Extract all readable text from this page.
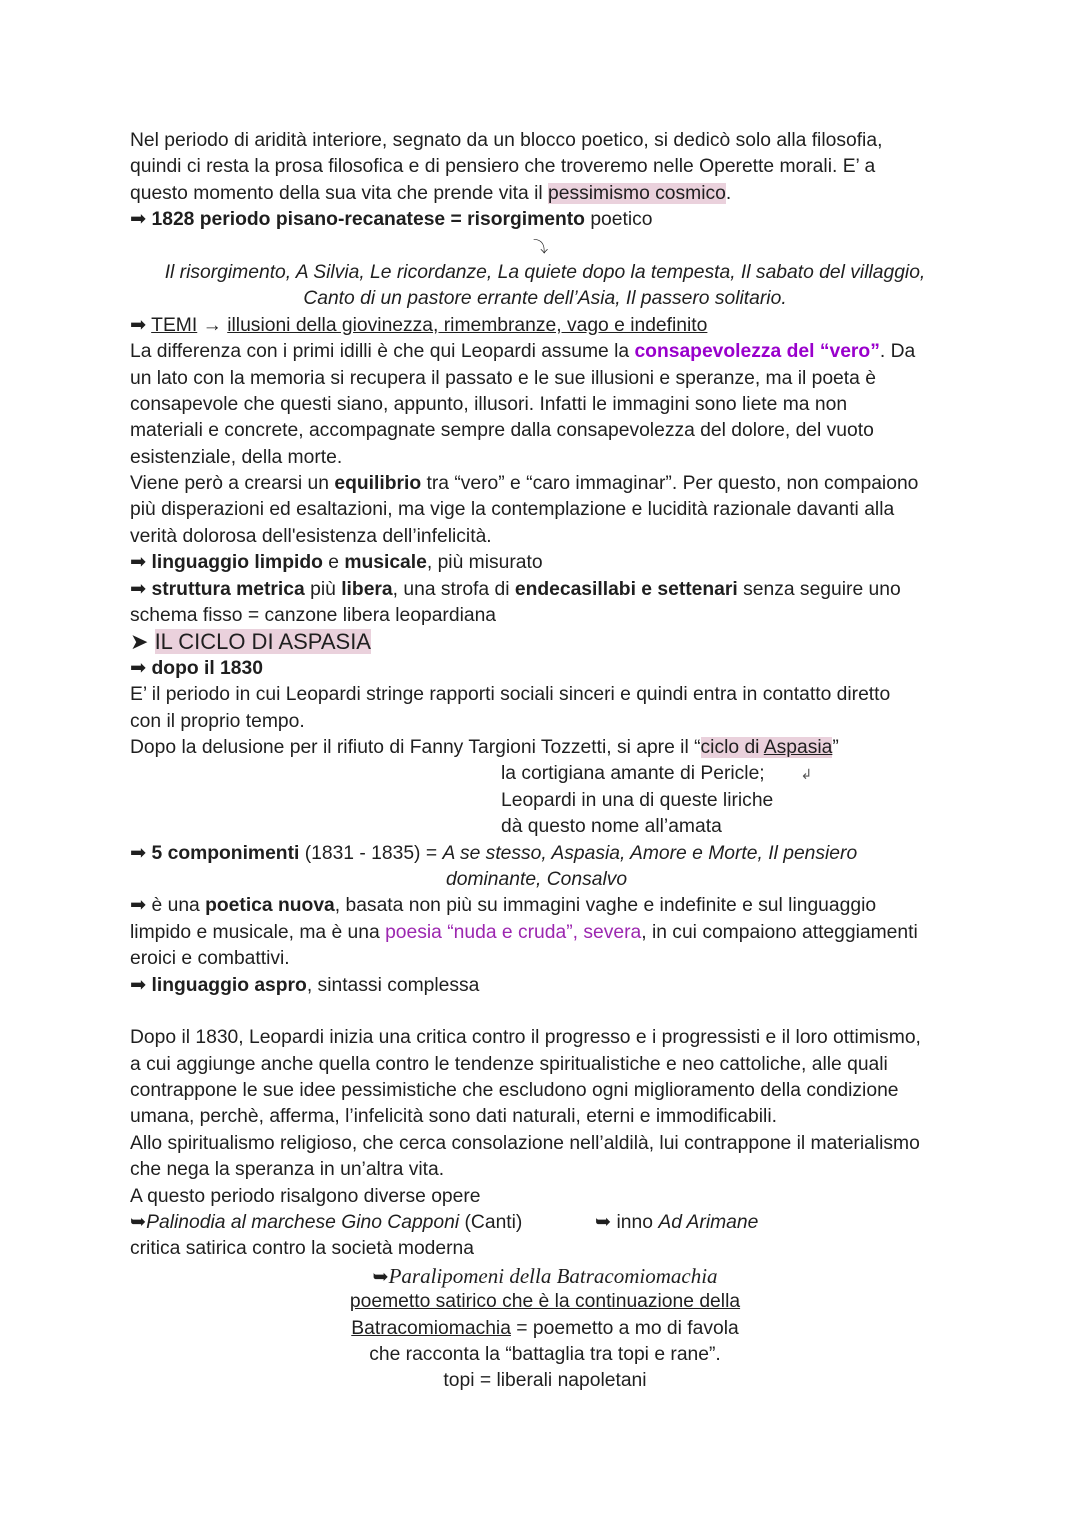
Nel periodo di aridità interiore, segnato da un blocco poetico, si dedicò solo alla filosofia,
quindi ci resta la prosa filosofica e di pensiero che troveremo nelle Operette morali. E’ a
questo momento della sua vita che prende vita il pessimismo cosmico.
➡ 1828 periodo pisano-recanatese = risorgimento poetico
⤵
Il risorgimento, A Silvia, Le ricordanze, La quiete dopo la tempesta, Il sabato del villaggio,
Canto di un pastore errante dell’Asia, Il passero solitario.
➡ TEMI → illusioni della giovinezza, rimembranze, vago e indefinito
La differenza con i primi idilli è che qui Leopardi assume la consapevolezza del “vero”. Da
un lato con la memoria si recupera il passato e le sue illusioni e speranze, ma il poeta è
consapevole che questi siano, appunto, illusori. Infatti le immagini sono liete ma non
materiali e concrete, accompagnate sempre dalla consapevolezza del dolore, del vuoto
esistenziale, della morte.
Viene però a crearsi un equilibrio tra “vero” e “caro immaginar”. Per questo, non compaiono
più disperazioni ed esaltazioni, ma vige la contemplazione e lucidità razionale davanti alla
verità dolorosa dell'esistenza dell’infelicità.
➡ linguaggio limpido e musicale, più misurato
➡ struttura metrica più libera, una strofa di endecasillabi e settenari senza seguire uno
schema fisso = canzone libera leopardiana
➤ IL CICLO DI ASPASIA
➡ dopo il 1830
E’ il periodo in cui Leopardi stringe rapporti sociali sinceri e quindi entra in contatto diretto
con il proprio tempo.
Dopo la delusione per il rifiuto di Fanny Targioni Tozzetti, si apre il “ciclo di Aspasia”
la cortigiana amante di Pericle;	↲
Leopardi in una di queste liriche
dà questo nome all’amata
➡ 5 componimenti (1831 - 1835) = A se stesso, Aspasia, Amore e Morte, Il pensiero
dominante, Consalvo
➡ è una poetica nuova, basata non più su immagini vaghe e indefinite e sul linguaggio
limpido e musicale, ma è una poesia “nuda e cruda”, severa, in cui compaiono atteggiamenti
eroici e combattivi.
➡ linguaggio aspro, sintassi complessa
Dopo il 1830, Leopardi inizia una critica contro il progresso e i progressisti e il loro ottimismo,
a cui aggiunge anche quella contro le tendenze spiritualistiche e neo cattoliche, alle quali
contrappone le sue idee pessimistiche che escludono ogni miglioramento della condizione
umana, perchè, afferma, l’infelicità sono dati naturali, eterni e immodificabili.
Allo spiritualismo religioso, che cerca consolazione nell’aldilà, lui contrappone il materialismo
che nega la speranza in un’altra vita.
A questo periodo risalgono diverse opere
➥Palinodia al marchese Gino Capponi (Canti)	➥ inno Ad Arimane
critica satirica contro la società moderna
➥Paralipomeni della Batracomiomachia
poemetto satirico che è la continuazione della
Batracomiomachia = poemetto a mo di favola
che racconta la “battaglia tra topi e rane”.
topi = liberali napoletani
